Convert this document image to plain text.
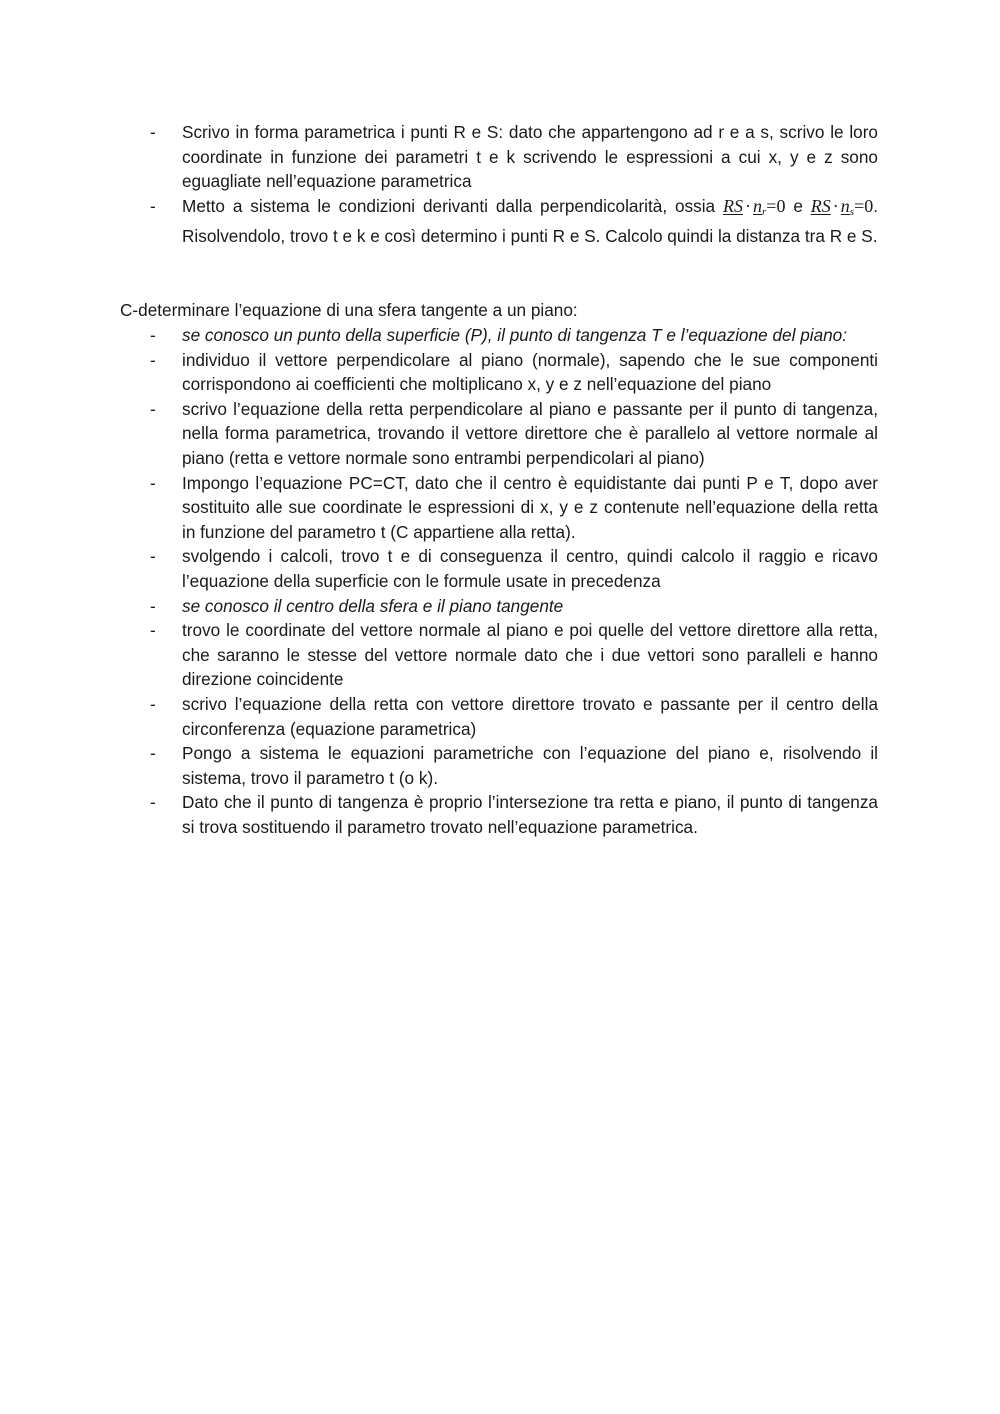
- Scrivo in forma parametrica i punti R e S: dato che appartengono ad r e a s, scrivo le loro coordinate in funzione dei parametri t e k scrivendo le espressioni a cui x, y e z sono eguagliate nell’equazione parametrica
- Metto a sistema le condizioni derivanti dalla perpendicolarità, ossia RS · $n_r=0$ e RS · $n_s=0$. Risolvendolo, trovo t e k e così determino i punti R e S. Calcolo quindi la distanza tra R e S.
C-determinare l’equazione di una sfera tangente a un piano:
- se conosco un punto della superficie (P), il punto di tangenza T e l’equazione del piano:
- individuo il vettore perpendicolare al piano (normale), sapendo che le sue componenti corrispondono ai coefficienti che moltiplicano x, y e z nell’equazione del piano
- scrivo l’equazione della retta perpendicolare al piano e passante per il punto di tangenza, nella forma parametrica, trovando il vettore direttore che è parallelo al vettore normale al piano (retta e vettore normale sono entrambi perpendicolari al piano)
- Impongo l’equazione PC=CT, dato che il centro è equidistante dai punti P e T, dopo aver sostituito alle sue coordinate le espressioni di x, y e z contenute nell’equazione della retta in funzione del parametro t (C appartiene alla retta).
- svolgendo i calcoli, trovo t e di conseguenza il centro, quindi calcolo il raggio e ricavo l’equazione della superficie con le formule usate in precedenza
- se conosco il centro della sfera e il piano tangente
- trovo le coordinate del vettore normale al piano e poi quelle del vettore direttore alla retta, che saranno le stesse del vettore normale dato che i due vettori sono paralleli e hanno direzione coincidente
- scrivo l’equazione della retta con vettore direttore trovato e passante per il centro della circonferenza (equazione parametrica)
- Pongo a sistema le equazioni parametriche con l’equazione del piano e, risolvendo il sistema, trovo il parametro t (o k).
- Dato che il punto di tangenza è proprio l’intersezione tra retta e piano, il punto di tangenza si trova sostituendo il parametro trovato nell’equazione parametrica.
